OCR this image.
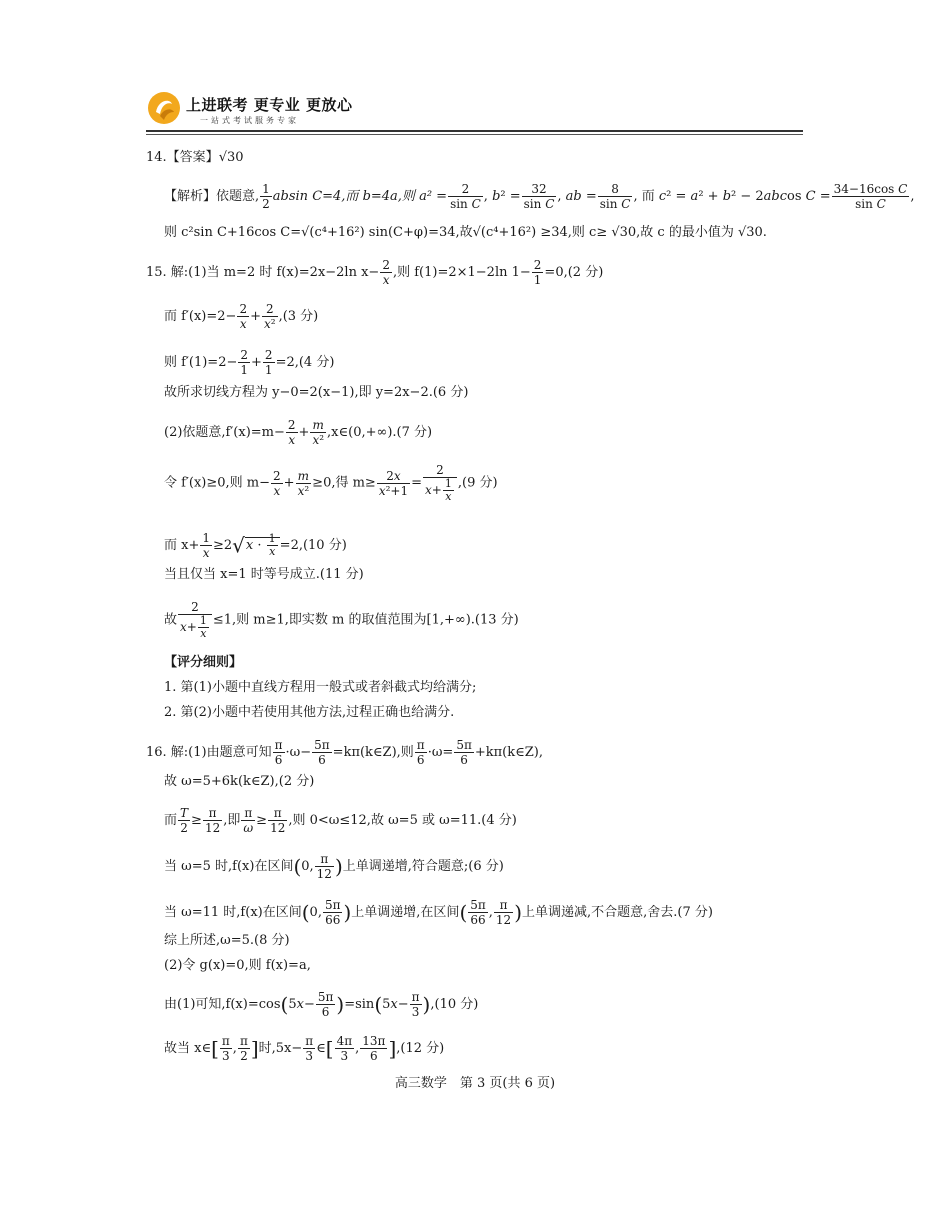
上进联考 更专业 更放心
一站式考试服务专家
14.【答案】√30
【解析】依题意, $\frac{1}{2}$ absin C=4,而 b=4a,则 $a^2 = \frac{2}{\text{sin C}}$ , $b^2 = \frac{32}{\text{sin C}}$ , ab = $\frac{8}{\text{sin C}}$ , 而 c² = a² + b² − 2abcos $C = \frac{\text{34−16cos C}}{\text{sin C}}$ ,
则 c²sin C+16cos C=√(c⁴+16²) sin(C+φ)=34,故√(c⁴+16²) ≥34,则 c≥ √30,故 c 的最小值为 √30.
15. 解:(1)当 m=2 时 f(x)=2x−2ln $x- \frac{2}{x}$ ,则 f(1)=2×1−2ln $1- \frac{2}{1} =0,(2$ 分)
而 $f'(x)=2- \frac{2}{x} + \frac{2}{\text{x²}} ,(3$ 分)
则 $f'(1)=2- \frac{2}{1} + \frac{2}{1} =2,(4$ 分)
故所求切线方程为 y−0=2(x−1),即 y=2x−2.(6 分)
(2)依题意$,f'(x)=m- \frac{2}{x} + \frac{m}{\text{x²}}$ ,x∈(0,+∞).(7 分)
令 f′(x)≥0,则 $m- \frac{2}{x} + \frac{m}{\text{x²}} \ge 0$,得 $m\ge \frac{2x}{\text{x²+1}} = \frac{2}{x+ \frac{1}{x}} ,(9$ 分)
而 $x+ \frac{1}{x} \ge 2√x \cdot \frac{1}{x} =2,(10$ 分)
当且仅当 x=1 时等号成立.(11 分)
故 $\frac{2}{x+ \frac{1}{x}} \le 1$,则 m≥1,即实数 m 的取值范围为[1,+∞).(13 分)
【评分细则】
1. 第(1)小题中直线方程用一般式或者斜截式均给满分;
2. 第(2)小题中若使用其他方法,过程正确也给满分.
16. 解:(1)由题意可知 $\frac{\pi}{6} \cdot\omega- \frac{5\pi}{6}$ =kπ(k∈Z),则 $\frac{\pi}{6} \cdot\omega= \frac{5\pi}{6}$ +kπ(k∈Z),
故 ω=5+6k(k∈Z),(2 分)
而 $\frac{T}{2} \ge \frac{\pi}{12}$ ,即 $\frac{\pi}{\omega} \ge \frac{\pi}{12}$ ,则 0<ω≤12,故 ω=5 或 ω=11.(4 分)
当 ω=5 时,f(x)在区间(0, $\frac{\pi}{12}$ )上单调递增,符合题意;(6 分)
当 ω=11 时,f(x)在区间(0, $\frac{5\pi}{66}$ )上单调递增,在区间( $\frac{5\pi}{66}$ , $\frac{\pi}{12}$ )上单调递减,不合题意,舍去.(7 分)
综上所述,ω=5.(8 分)
(2)令 g(x)=0,则 f(x)=a,
由(1)可知$,f(x)=\cos(5x- \frac{5\pi}{6} )=\sin(5x- \frac{\pi}{3} ),(10$ 分)
故当 x∈[ $\frac{\pi}{3}$ , $\frac{\pi}{2}$ ]时$,5x- \frac{\pi}{3}$ ∈[ $\frac{4\pi}{3}$ , $\frac{13\pi}{6} ],(12$ 分)
高三数学　第 3 页(共 6 页)
